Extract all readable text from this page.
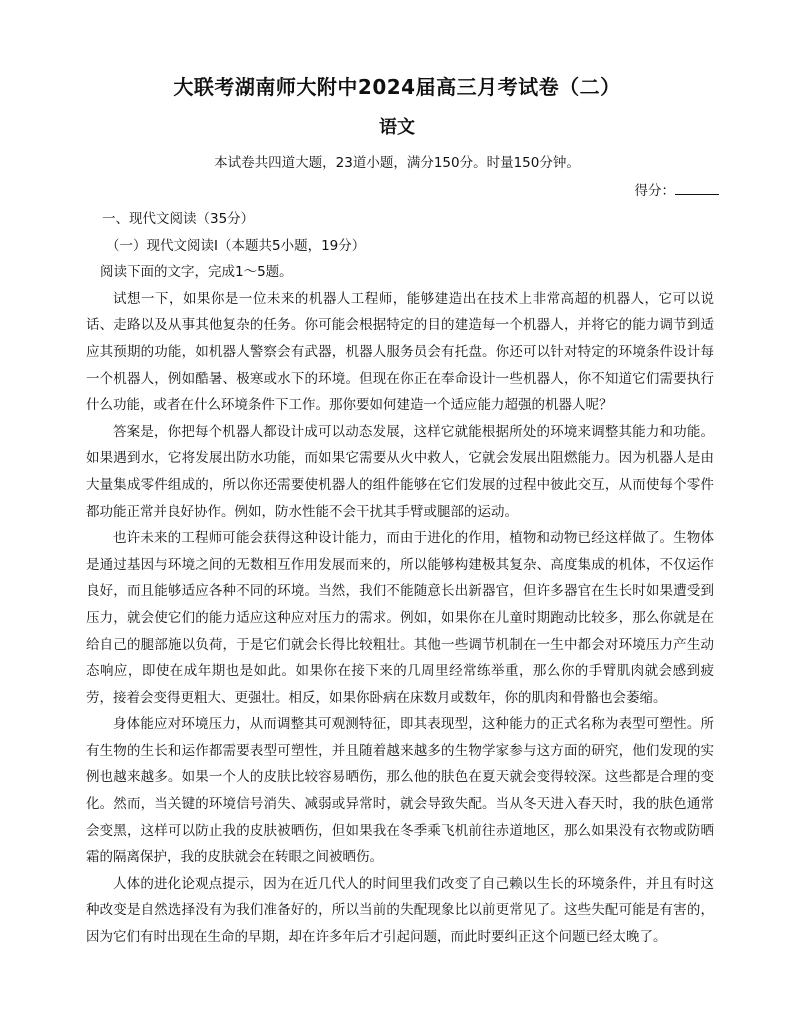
大联考湖南师大附中2024届高三月考试卷（二）
语文
本试卷共四道大题，23道小题，满分150分。时量150分钟。
得分：

一、现代文阅读（35分）

（一）现代文阅读Ⅰ（本题共5小题，19分）

阅读下面的文字，完成1～5题。

试想一下，如果你是一位未来的机器人工程师，能够建造出在技术上非常高超的机器人，它可以说话、走路以及从事其他复杂的任务。你可能会根据特定的目的建造每一个机器人，并将它的能力调节到适应其预期的功能，如机器人警察会有武器，机器人服务员会有托盘。你还可以针对特定的环境条件设计每一个机器人，例如酷暑、极寒或水下的环境。但现在你正在奉命设计一些机器人，你不知道它们需要执行什么功能，或者在什么环境条件下工作。那你要如何建造一个适应能力超强的机器人呢？

答案是，你把每个机器人都设计成可以动态发展，这样它就能根据所处的环境来调整其能力和功能。如果遇到水，它将发展出防水功能，而如果它需要从火中救人，它就会发展出阻燃能力。因为机器人是由大量集成零件组成的，所以你还需要使机器人的组件能够在它们发展的过程中彼此交互，从而使每个零件都功能正常并良好协作。例如，防水性能不会干扰其手臂或腿部的运动。

也许未来的工程师可能会获得这种设计能力，而由于进化的作用，植物和动物已经这样做了。生物体是通过基因与环境之间的无数相互作用发展而来的，所以能够构建极其复杂、高度集成的机体，不仅运作良好，而且能够适应各种不同的环境。当然，我们不能随意长出新器官，但许多器官在生长时如果遭受到压力，就会使它们的能力适应这种应对压力的需求。例如，如果你在儿童时期跑动比较多，那么你就是在给自己的腿部施以负荷，于是它们就会长得比较粗壮。其他一些调节机制在一生中都会对环境压力产生动态响应，即使在成年期也是如此。如果你在接下来的几周里经常练举重，那么你的手臂肌肉就会感到疲劳，接着会变得更粗大、更强壮。相反，如果你卧病在床数月或数年，你的肌肉和骨骼也会萎缩。

身体能应对环境压力，从而调整其可观测特征，即其表现型，这种能力的正式名称为表型可塑性。所有生物的生长和运作都需要表型可塑性，并且随着越来越多的生物学家参与这方面的研究，他们发现的实例也越来越多。如果一个人的皮肤比较容易晒伤，那么他的肤色在夏天就会变得较深。这些都是合理的变化。然而，当关键的环境信号消失、减弱或异常时，就会导致失配。当从冬天进入春天时，我的肤色通常会变黑，这样可以防止我的皮肤被晒伤，但如果我在冬季乘飞机前往赤道地区，那么如果没有衣物或防晒霜的隔离保护，我的皮肤就会在转眼之间被晒伤。

人体的进化论观点提示，因为在近几代人的时间里我们改变了自己赖以生长的环境条件，并且有时这种改变是自然选择没有为我们准备好的，所以当前的失配现象比以前更常见了。这些失配可能是有害的，因为它们有时出现在生命的早期，却在许多年后才引起问题，而此时要纠正这个问题已经太晚了。
